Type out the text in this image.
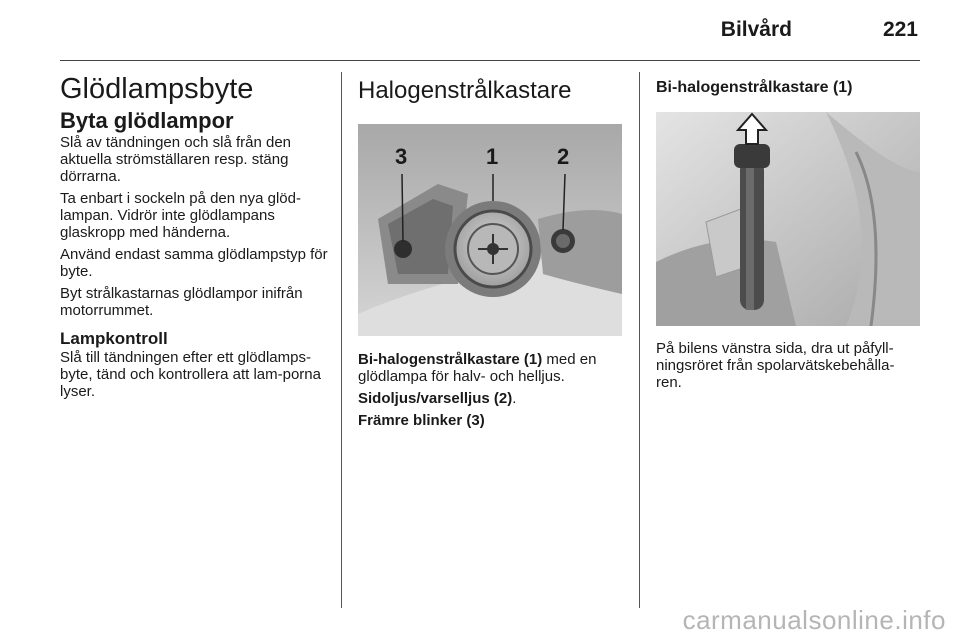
Bilvård	221
Glödlampsbyte
Byta glödlampor

Slå av tändningen och slå från den aktuella strömställaren resp. stäng dörrarna.

Ta enbart i sockeln på den nya glöd-lampan. Vidrör inte glödlampans glaskropp med händerna.

Använd endast samma glödlampstyp för byte.

Byt strålkastarnas glödlampor inifrån motorrummet.

Lampkontroll

Slå till tändningen efter ett glödlamps-byte, tänd och kontrollera att lam-porna lyser.

Halogenstrålkastare
3	1	2

Bi-halogenstrålkastare (1) med en glödlampa för halv- och helljus.

Sidoljus/varselljus (2).

Främre blinker (3)

Bi-halogenstrålkastare (1)

På bilens vänstra sida, dra ut påfyll-ningsröret från spolarvätskebehålla-ren.

carmanualsonline.info
